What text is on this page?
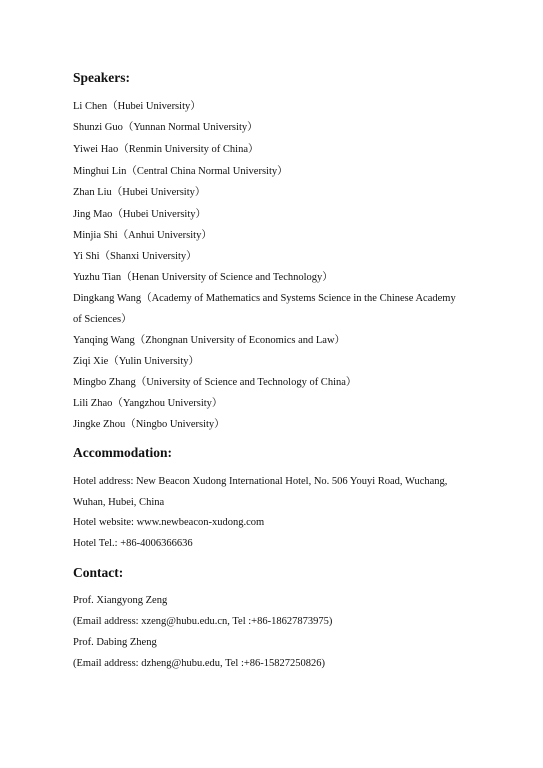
Speakers:
Li Chen（Hubei University）
Shunzi Guo（Yunnan Normal University）
Yiwei Hao（Renmin University of China）
Minghui Lin（Central China Normal University）
Zhan Liu（Hubei University）
Jing Mao（Hubei University）
Minjia Shi（Anhui University）
Yi Shi（Shanxi University）
Yuzhu Tian（Henan University of Science and Technology）
Dingkang Wang（Academy of Mathematics and Systems Science in the Chinese Academy
of Sciences）
Yanqing Wang（Zhongnan University of Economics and Law）
Ziqi Xie（Yulin University）
Mingbo Zhang（University of Science and Technology of China）
Lili Zhao（Yangzhou University）
Jingke Zhou（Ningbo University）
Accommodation:
Hotel address: New Beacon Xudong International Hotel, No. 506 Youyi Road, Wuchang,
Wuhan, Hubei, China
Hotel website: www.newbeacon-xudong.com
Hotel Tel.: +86-4006366636
Contact:
Prof. Xiangyong Zeng
(Email address: xzeng@hubu.edu.cn, Tel :+86-18627873975)
Prof. Dabing Zheng
(Email address: dzheng@hubu.edu, Tel :+86-15827250826)
